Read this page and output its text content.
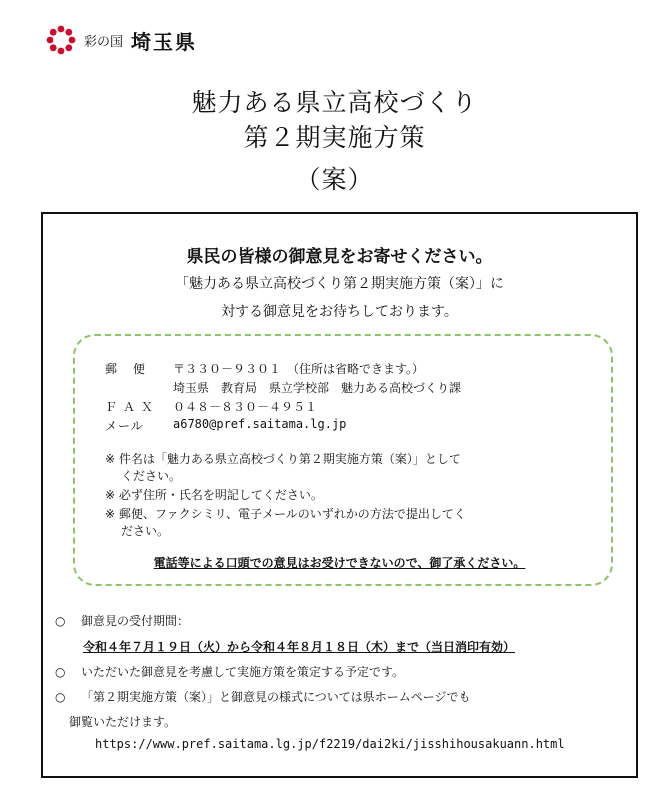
彩の国 埼玉県
魅力ある県立高校づくり
第２期実施方策
（案）
県民の皆様の御意見をお寄せください。
「魅力ある県立高校づくり第２期実施方策（案）」に
対する御意見をお待ちしております。
郵 便 〒３３０－９３０１　（住所は省略できます。）
埼玉県　教育局　県立学校部　魅力ある高校づくり課
ＦＡＸ ０４８－８３０－４９５１
メール a6780@pref.saitama.lg.jp
※ 件名は「魅力ある県立高校づくり第２期実施方策（案）」として
ください。
※ 必ず住所・氏名を明記してください。
※ 郵便、ファクシミリ、電子メールのいずれかの方法で提出してく
ださい。
電話等による口頭での意見はお受けできないので、御了承ください。
○ 御意見の受付期間：
令和４年７月１９日（火）から令和４年８月１８日（木）まで（当日消印有効）
○ いただいた御意見を考慮して実施方策を策定する予定です。
○ 「第２期実施方策（案）」と御意見の様式については県ホームページでも
御覧いただけます。
https://www.pref.saitama.lg.jp/f2219/dai2ki/jisshihousakuann.html
